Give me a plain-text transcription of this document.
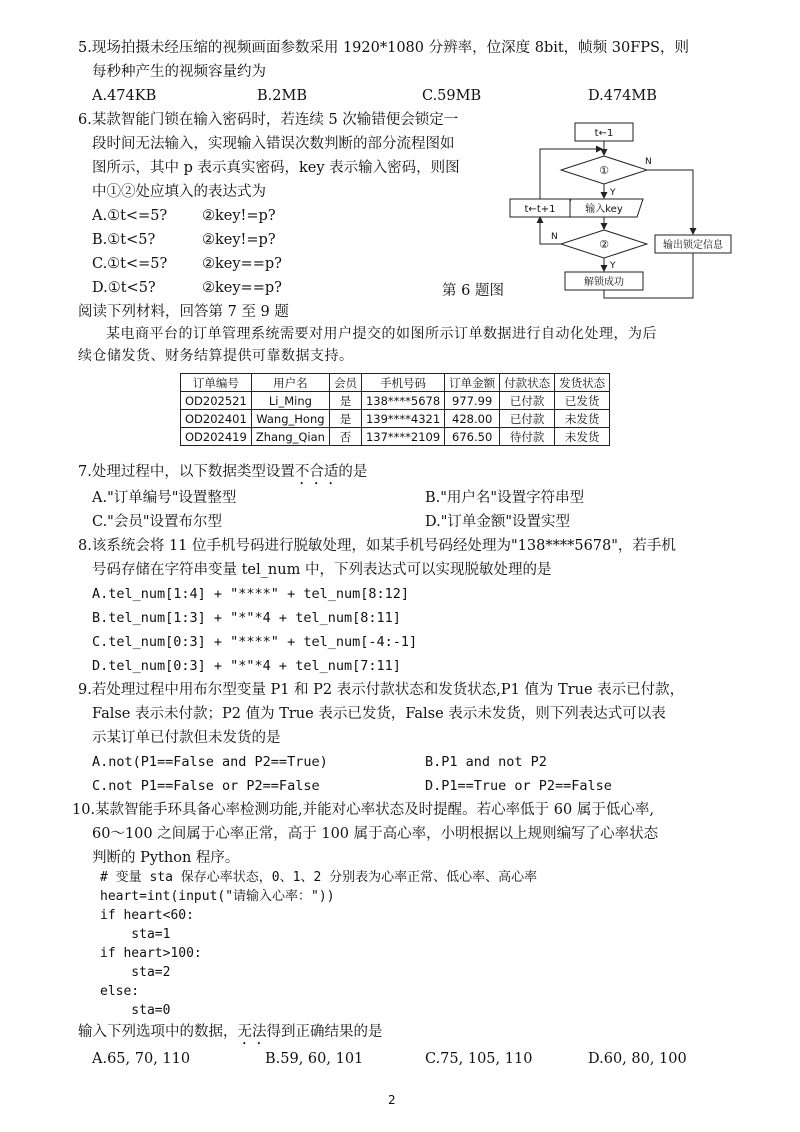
5.现场拍摄未经压缩的视频画面参数采用 1920*1080 分辨率，位深度 8bit，帧频 30FPS，则
每秒种产生的视频容量约为
A.474KB	B.2MB	C.59MB	D.474MB
6.某款智能门锁在输入密码时，若连续 5 次输错便会锁定一
段时间无法输入，实现输入错误次数判断的部分流程图如
图所示，其中 p 表示真实密码，key 表示输入密码，则图
中①②处应填入的表达式为
A.①t<=5? ②key!=p?
B.①t<5?	②key!=p?
C.①t<=5? ②key==p?
D.①t<5?	②key==p?	第 6 题图
t←1
①
Y
N
输入key
t←t+1
②
N
Y
输出锁定信息
解锁成功
阅读下列材料，回答第 7 至 9 题
某电商平台的订单管理系统需要对用户提交的如图所示订单数据进行自动化处理，为后
续仓储发货、财务结算提供可靠数据支持。
订单编号	用户名	会员	手机号码	订单金额	付款状态	发货状态
OD202521	Li_Ming	是	138****5678	977.99	已付款	已发货
OD202401	Wang_Hong	是	139****4321	428.00	已付款	未发货
OD202419	Zhang_Qian	否	137****2109	676.50	待付款	未发货
7.处理过程中，以下数据类型设置不合适的是
A."订单编号"设置整型	B."用户名"设置字符串型
C."会员"设置布尔型	D."订单金额"设置实型
8.该系统会将 11 位手机号码进行脱敏处理，如某手机号码经处理为"138****5678"，若手机
号码存储在字符串变量 tel_num 中，下列表达式可以实现脱敏处理的是
A.tel_num[1:4] + "****" + tel_num[8:12]
B.tel_num[1:3] + "*"*4 + tel_num[8:11]
C.tel_num[0:3] + "****" + tel_num[-4:-1]
D.tel_num[0:3] + "*"*4 + tel_num[7:11]
9.若处理过程中用布尔型变量 P1 和 P2 表示付款状态和发货状态,P1 值为 True 表示已付款，
False 表示未付款；P2 值为 True 表示已发货，False 表示未发货，则下列表达式可以表
示某订单已付款但未发货的是
A.not(P1==False and P2==True)	B.P1 and not P2
C.not P1==False or P2==False	D.P1==True or P2==False
10.某款智能手环具备心率检测功能,并能对心率状态及时提醒。若心率低于 60 属于低心率,
60～100 之间属于心率正常，高于 100 属于高心率，小明根据以上规则编写了心率状态
判断的 Python 程序。
# 变量 sta 保存心率状态，0、1、2 分别表为心率正常、低心率、高心率
heart=int(input("请输入心率："))
if heart<60:
sta=1
if heart>100:
sta=2
else:
sta=0
输入下列选项中的数据，无法得到正确结果的是
A.65, 70, 110	B.59, 60, 101	C.75, 105, 110	D.60, 80, 100
2
